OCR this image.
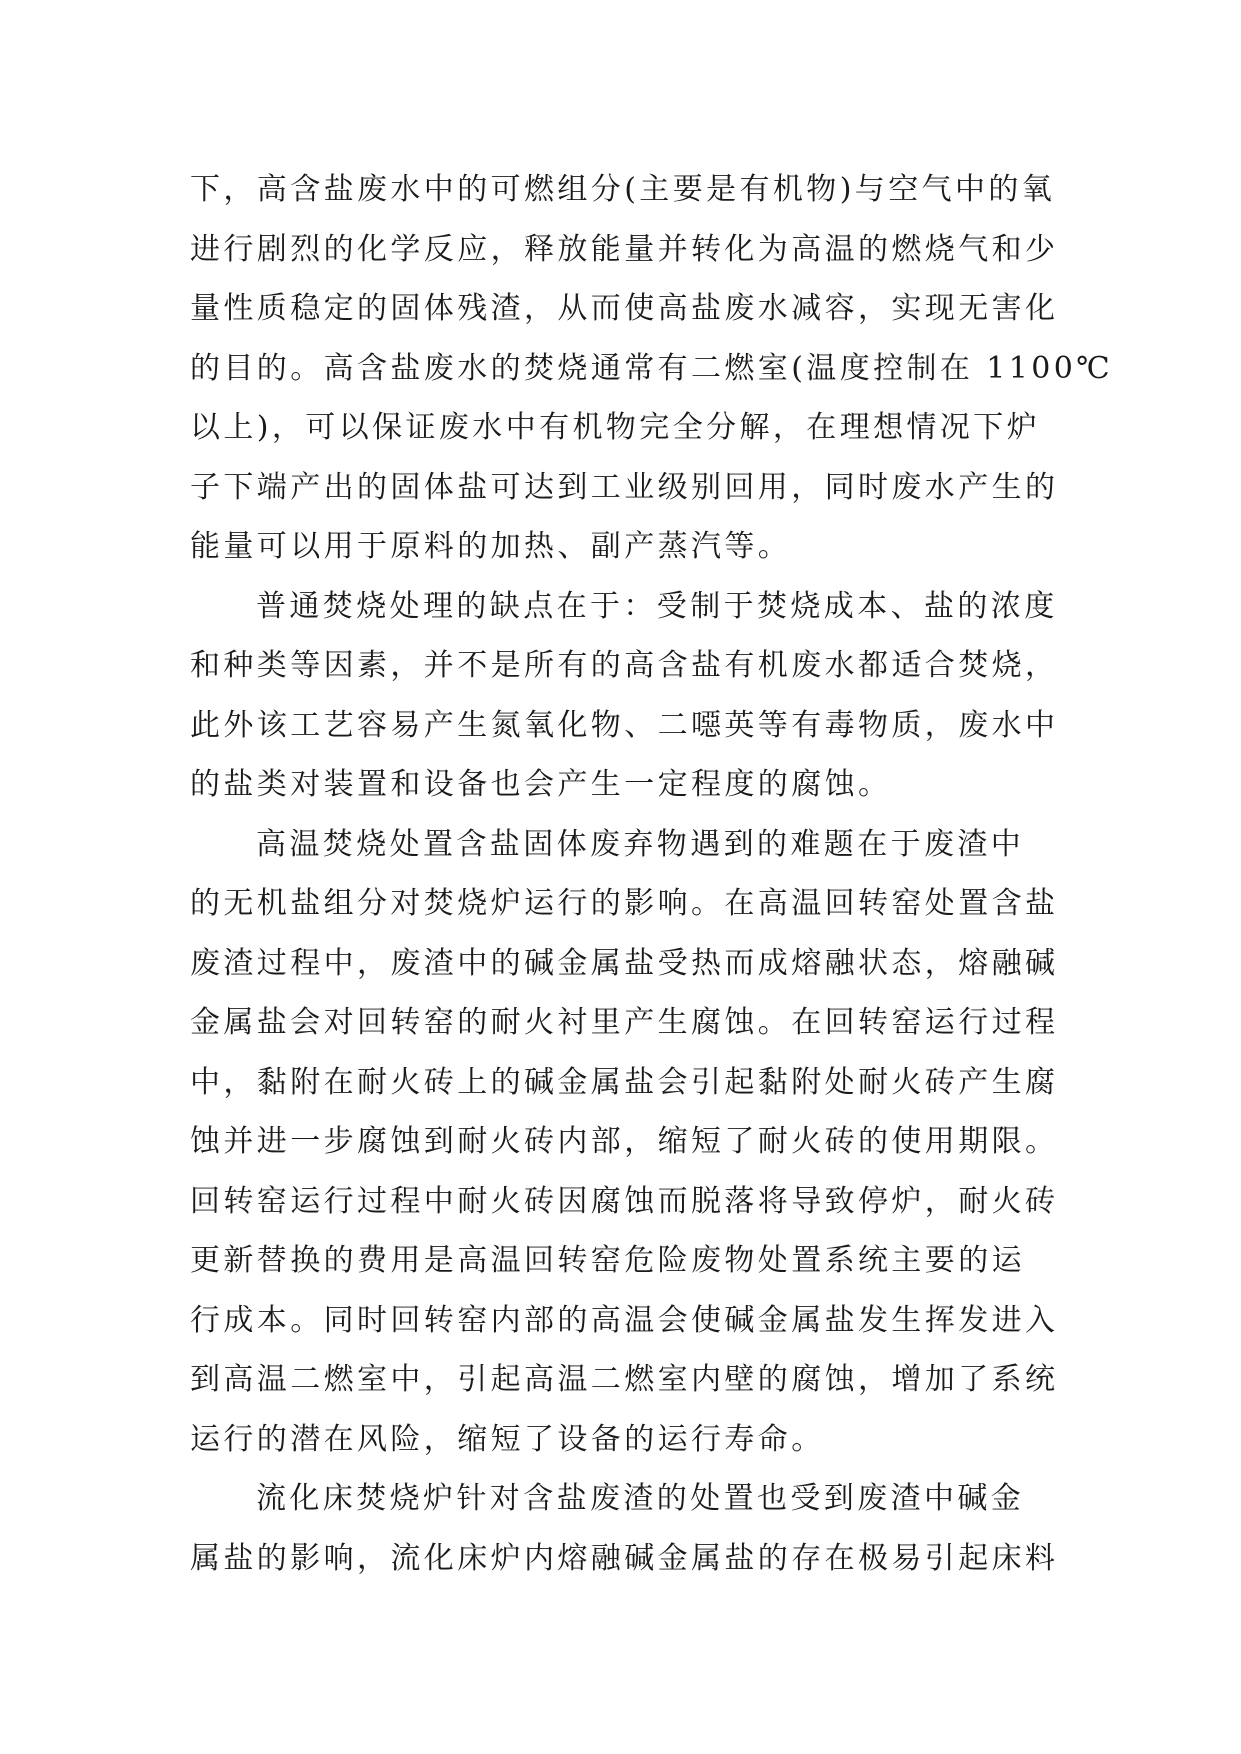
下，高含盐废水中的可燃组分(主要是有机物)与空气中的氧
进行剧烈的化学反应，释放能量并转化为高温的燃烧气和少
量性质稳定的固体残渣，从而使高盐废水减容，实现无害化
的目的。高含盐废水的焚烧通常有二燃室(温度控制在 1100℃
以上)，可以保证废水中有机物完全分解，在理想情况下炉
子下端产出的固体盐可达到工业级别回用，同时废水产生的
能量可以用于原料的加热、副产蒸汽等。
普通焚烧处理的缺点在于：受制于焚烧成本、盐的浓度
和种类等因素，并不是所有的高含盐有机废水都适合焚烧，
此外该工艺容易产生氮氧化物、二噁英等有毒物质，废水中
的盐类对装置和设备也会产生一定程度的腐蚀。
高温焚烧处置含盐固体废弃物遇到的难题在于废渣中
的无机盐组分对焚烧炉运行的影响。在高温回转窑处置含盐
废渣过程中，废渣中的碱金属盐受热而成熔融状态，熔融碱
金属盐会对回转窑的耐火衬里产生腐蚀。在回转窑运行过程
中，黏附在耐火砖上的碱金属盐会引起黏附处耐火砖产生腐
蚀并进一步腐蚀到耐火砖内部，缩短了耐火砖的使用期限。
回转窑运行过程中耐火砖因腐蚀而脱落将导致停炉，耐火砖
更新替换的费用是高温回转窑危险废物处置系统主要的运
行成本。同时回转窑内部的高温会使碱金属盐发生挥发进入
到高温二燃室中，引起高温二燃室内壁的腐蚀，增加了系统
运行的潜在风险，缩短了设备的运行寿命。
流化床焚烧炉针对含盐废渣的处置也受到废渣中碱金
属盐的影响，流化床炉内熔融碱金属盐的存在极易引起床料
